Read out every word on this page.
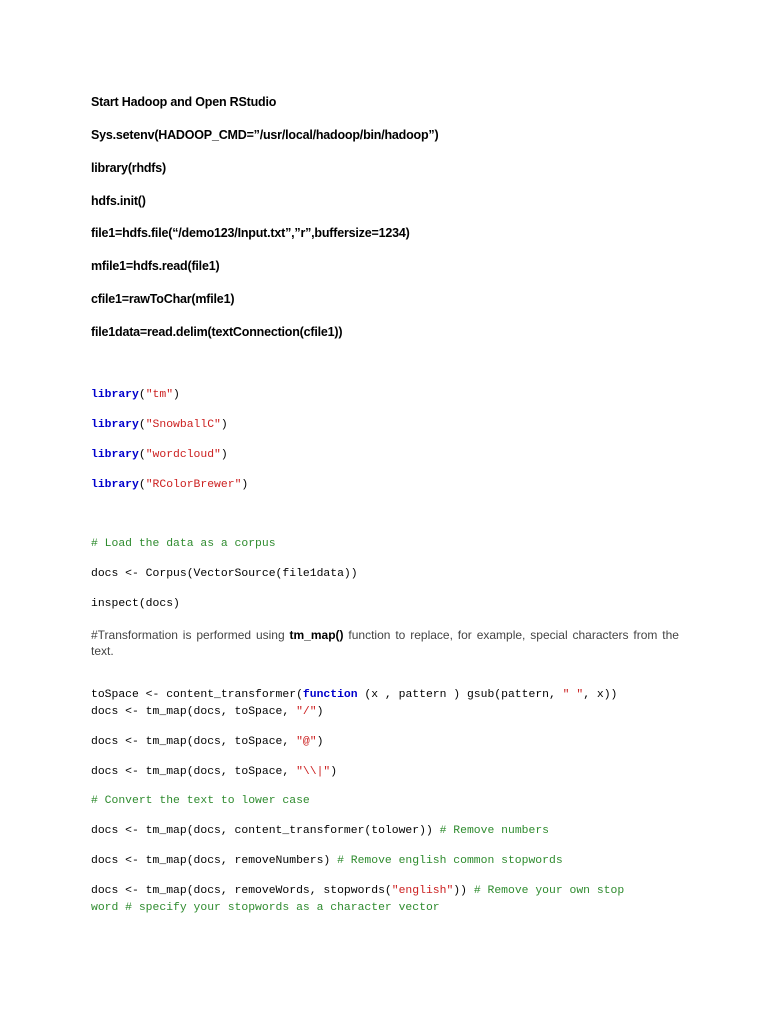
Start Hadoop and Open RStudio
Sys.setenv(HADOOP_CMD=”/usr/local/hadoop/bin/hadoop”)
library(rhdfs)
hdfs.init()
file1=hdfs.file(“/demo123/Input.txt”,”r”,buffersize=1234)
mfile1=hdfs.read(file1)
cfile1=rawToChar(mfile1)
file1data=read.delim(textConnection(cfile1))
library("tm")
library("SnowballC")
library("wordcloud")
library("RColorBrewer")
# Load the data as a corpus
docs <- Corpus(VectorSource(file1data))
inspect(docs)
#Transformation is performed using tm_map() function to replace, for example, special characters from the text.
toSpace <- content_transformer(function (x , pattern ) gsub(pattern, " ", x))
docs <- tm_map(docs, toSpace, "/")
docs <- tm_map(docs, toSpace, "@")
docs <- tm_map(docs, toSpace, "\\|")
# Convert the text to lower case
docs <- tm_map(docs, content_transformer(tolower)) # Remove numbers
docs <- tm_map(docs, removeNumbers) # Remove english common stopwords
docs <- tm_map(docs, removeWords, stopwords("english")) # Remove your own stop
word # specify your stopwords as a character vector
